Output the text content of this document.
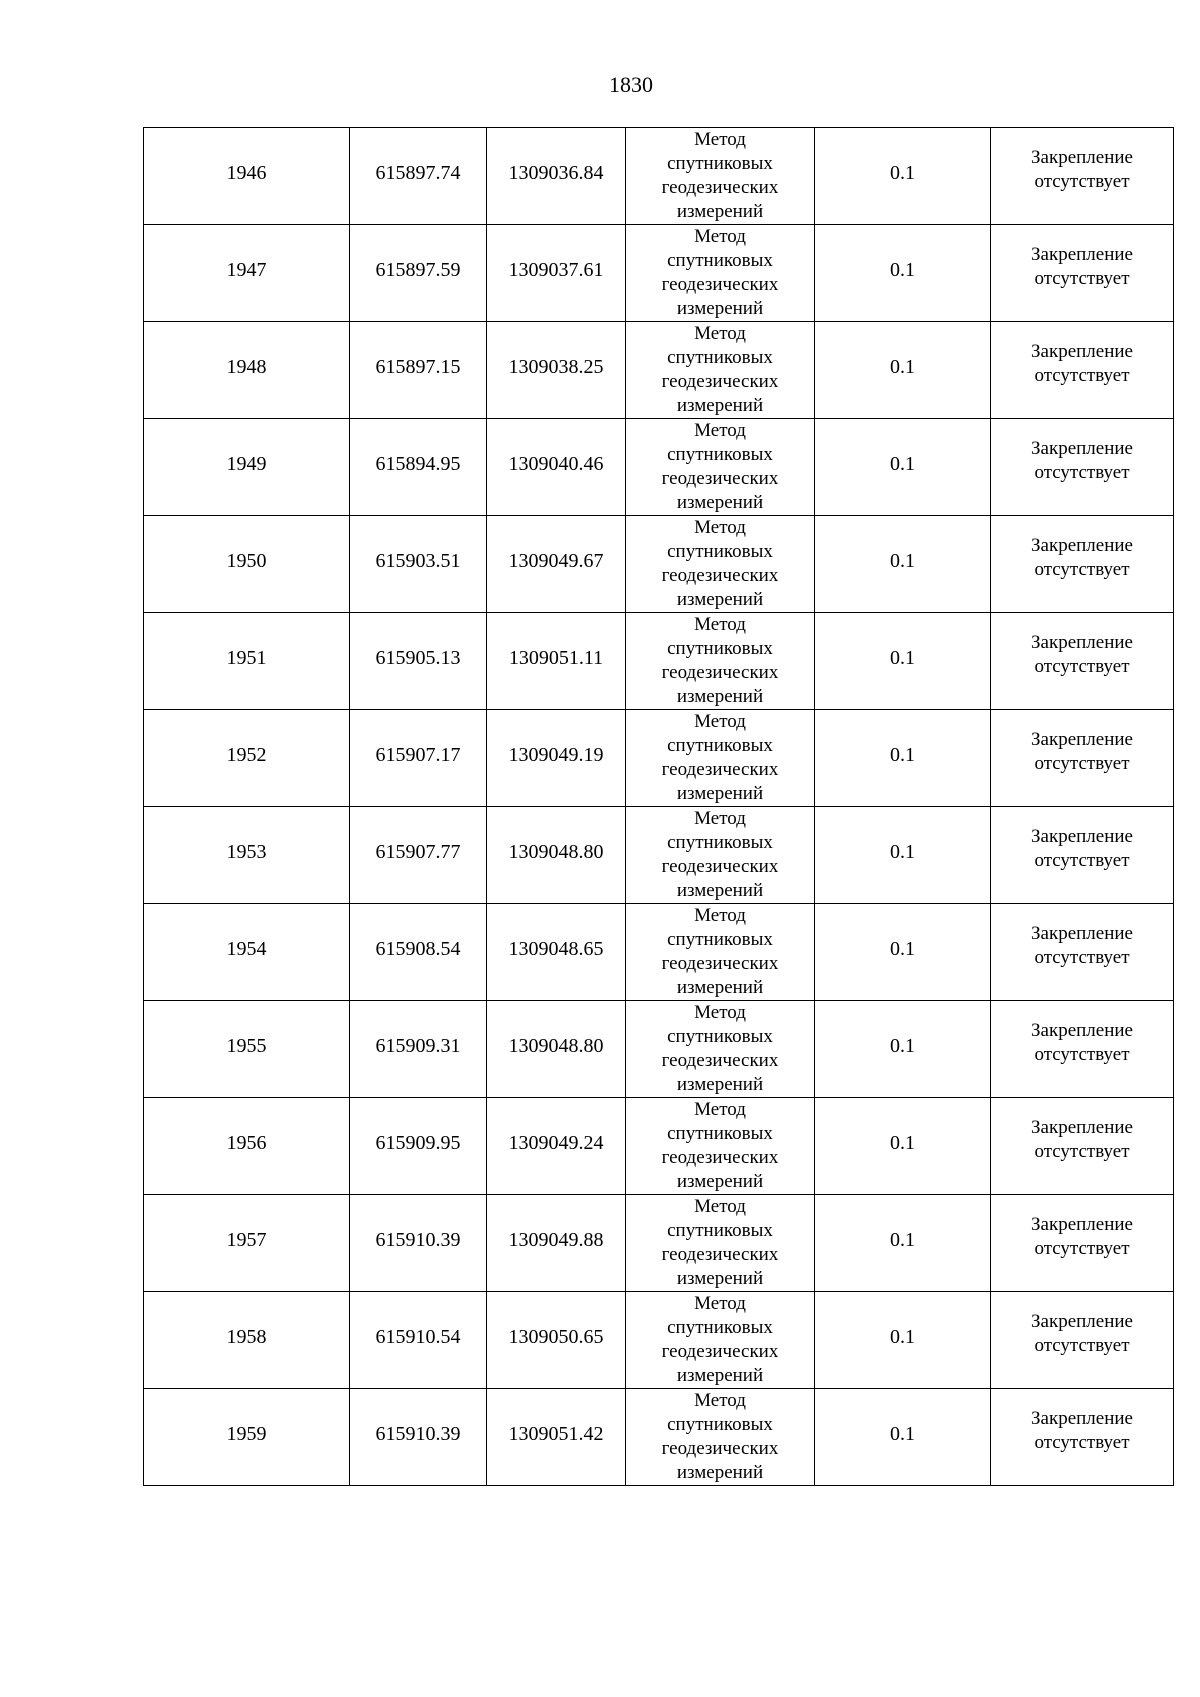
1830
1946	615897.74	1309036.84	Метод
спутниковых
геодезических
измерений	0.1	Закрепление
отсутствует

1947	615897.59	1309037.61	Метод
спутниковых
геодезических
измерений	0.1	Закрепление
отсутствует

1948	615897.15	1309038.25	Метод
спутниковых
геодезических
измерений	0.1	Закрепление
отсутствует

1949	615894.95	1309040.46	Метод
спутниковых
геодезических
измерений	0.1	Закрепление
отсутствует

1950	615903.51	1309049.67	Метод
спутниковых
геодезических
измерений	0.1	Закрепление
отсутствует

1951	615905.13	1309051.11	Метод
спутниковых
геодезических
измерений	0.1	Закрепление
отсутствует

1952	615907.17	1309049.19	Метод
спутниковых
геодезических
измерений	0.1	Закрепление
отсутствует

1953	615907.77	1309048.80	Метод
спутниковых
геодезических
измерений	0.1	Закрепление
отсутствует

1954	615908.54	1309048.65	Метод
спутниковых
геодезических
измерений	0.1	Закрепление
отсутствует

1955	615909.31	1309048.80	Метод
спутниковых
геодезических
измерений	0.1	Закрепление
отсутствует

1956	615909.95	1309049.24	Метод
спутниковых
геодезических
измерений	0.1	Закрепление
отсутствует

1957	615910.39	1309049.88	Метод
спутниковых
геодезических
измерений	0.1	Закрепление
отсутствует

1958	615910.54	1309050.65	Метод
спутниковых
геодезических
измерений	0.1	Закрепление
отсутствует

1959	615910.39	1309051.42	Метод
спутниковых
геодезических
измерений	0.1	Закрепление
отсутствует
